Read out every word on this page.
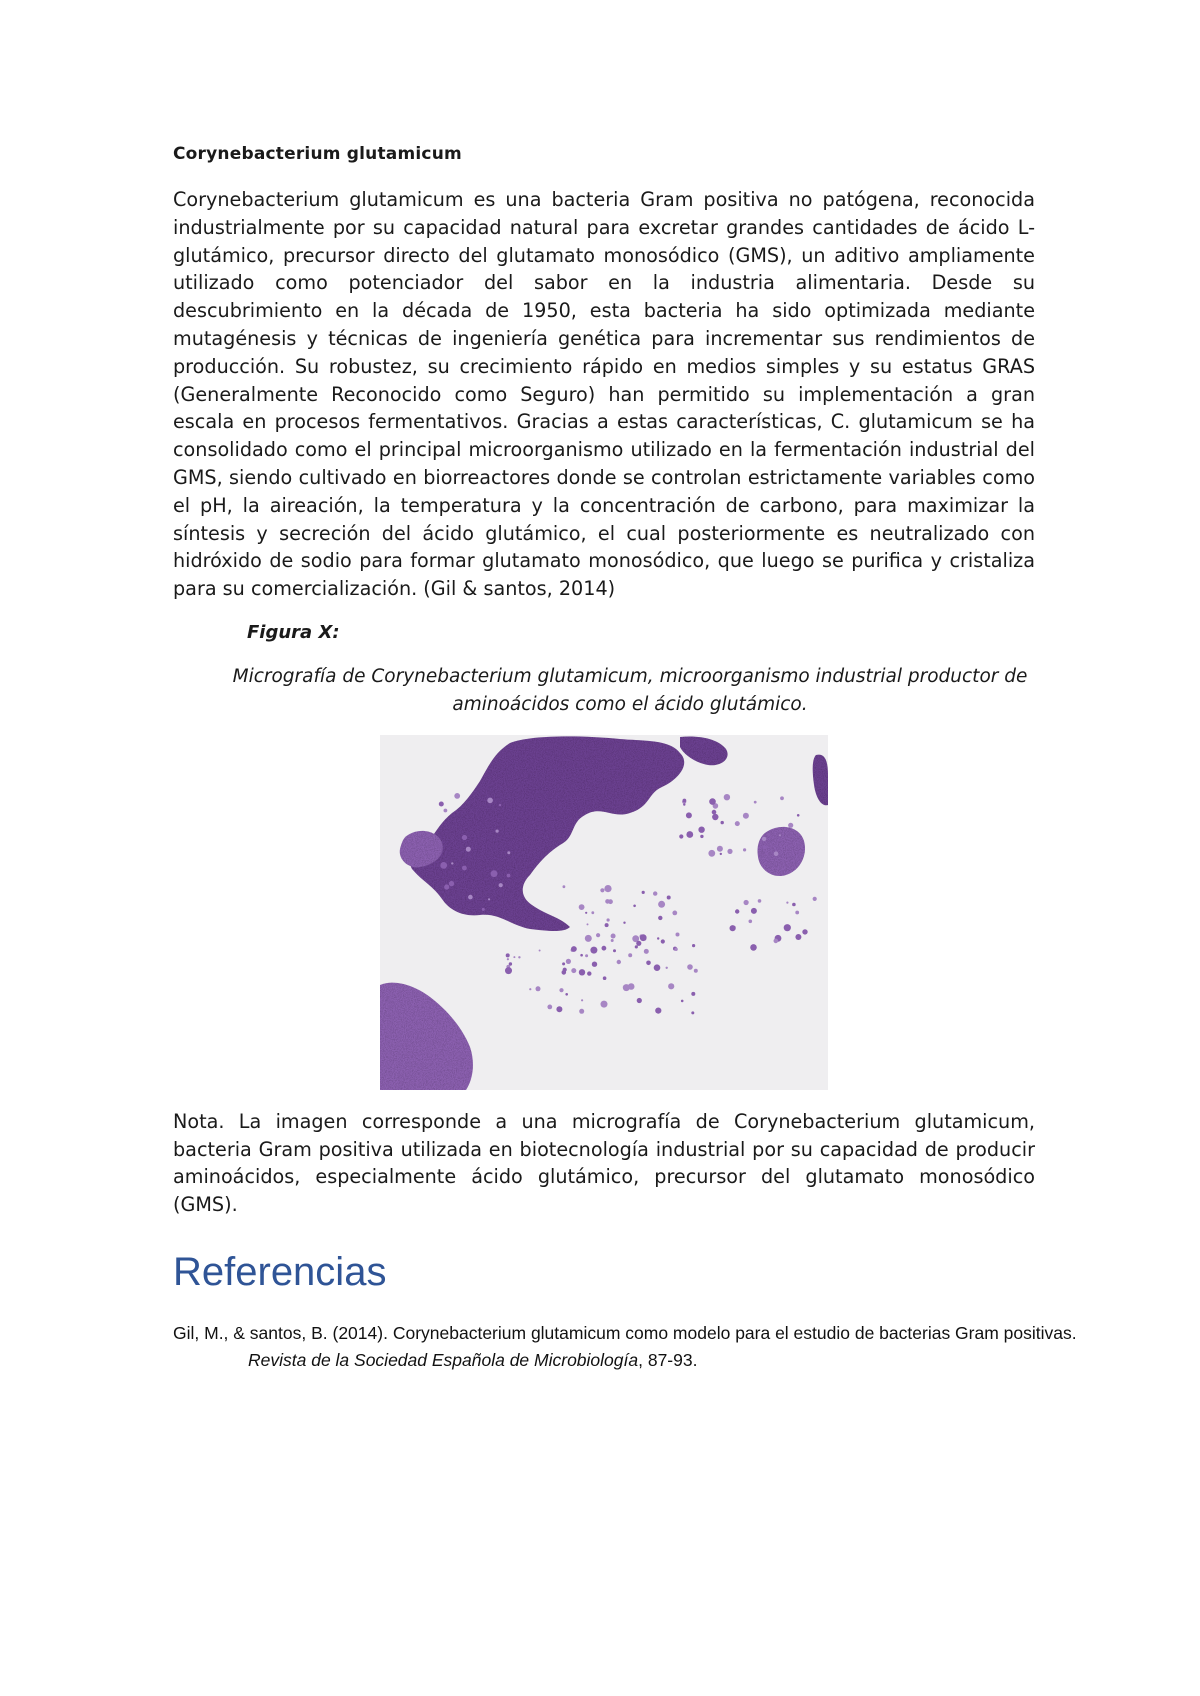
Corynebacterium glutamicum

Corynebacterium glutamicum es una bacteria Gram positiva no patógena, reconocida industrialmente por su capacidad natural para excretar grandes cantidades de ácido L-glutámico, precursor directo del glutamato monosódico (GMS), un aditivo ampliamente utilizado como potenciador del sabor en la industria alimentaria. Desde su descubrimiento en la década de 1950, esta bacteria ha sido optimizada mediante mutagénesis y técnicas de ingeniería genética para incrementar sus rendimientos de producción. Su robustez, su crecimiento rápido en medios simples y su estatus GRAS (Generalmente Reconocido como Seguro) han permitido su implementación a gran escala en procesos fermentativos. Gracias a estas características, C. glutamicum se ha consolidado como el principal microorganismo utilizado en la fermentación industrial del GMS, siendo cultivado en biorreactores donde se controlan estrictamente variables como el pH, la aireación, la temperatura y la concentración de carbono, para maximizar la síntesis y secreción del ácido glutámico, el cual posteriormente es neutralizado con hidróxido de sodio para formar glutamato monosódico, que luego se purifica y cristaliza para su comercialización. (Gil & santos, 2014)

Figura X:

Micrografía de Corynebacterium glutamicum, microorganismo industrial productor de aminoácidos como el ácido glutámico.

Nota. La imagen corresponde a una micrografía de Corynebacterium glutamicum, bacteria Gram positiva utilizada en biotecnología industrial por su capacidad de producir aminoácidos, especialmente ácido glutámico, precursor del glutamato monosódico (GMS).

Referencias

Gil, M., & santos, B. (2014). Corynebacterium glutamicum como modelo para el estudio de bacterias Gram positivas. Revista de la Sociedad Española de Microbiología, 87-93.
